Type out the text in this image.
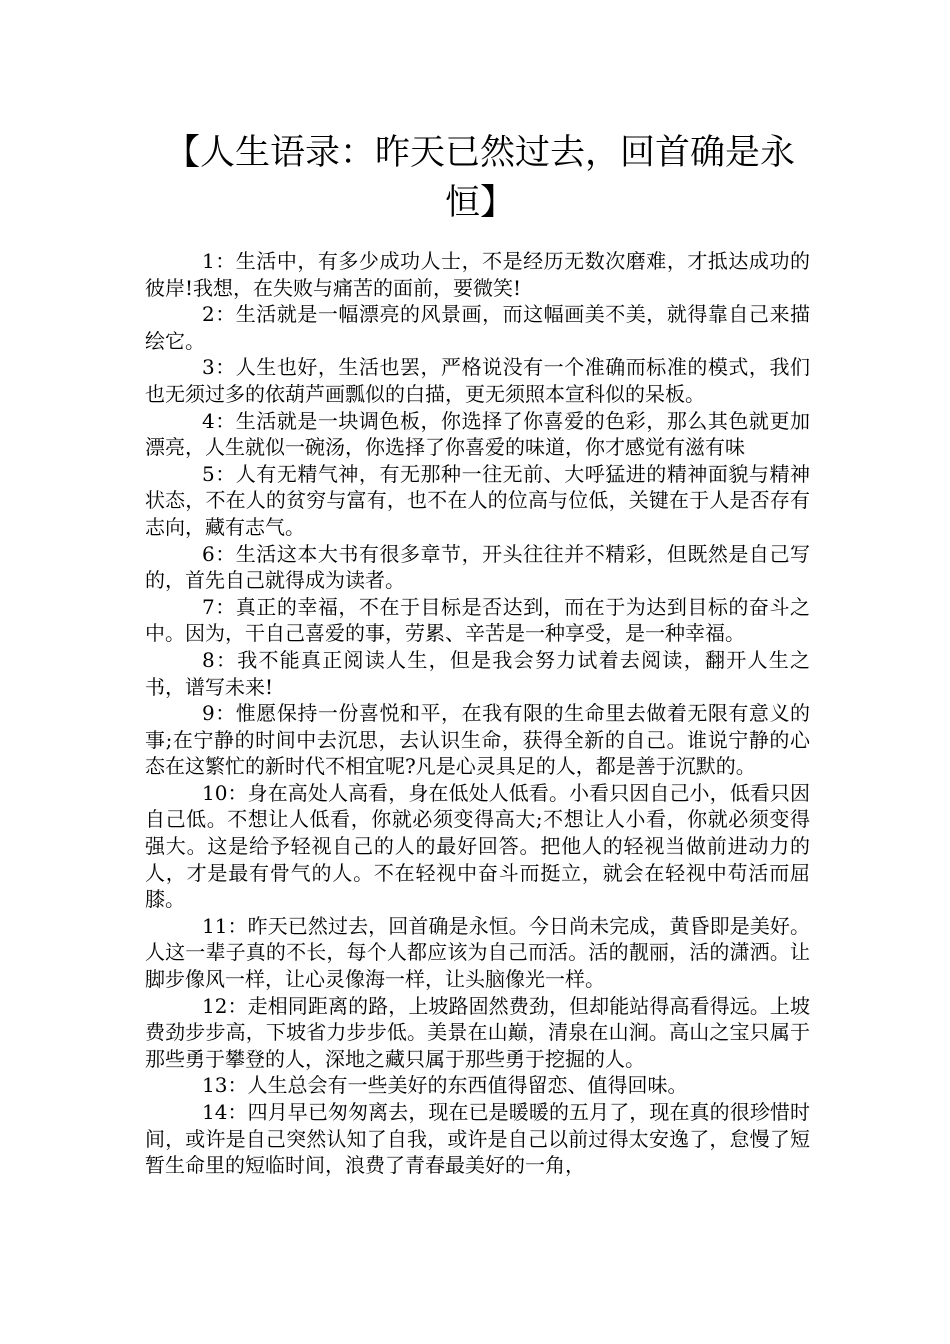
【人生语录：昨天已然过去，回首确是永恒】

1：生活中，有多少成功人士，不是经历无数次磨难，才抵达成功的彼岸!我想，在失败与痛苦的面前，要微笑!

2：生活就是一幅漂亮的风景画，而这幅画美不美，就得靠自己来描绘它。

3：人生也好，生活也罢，严格说没有一个准确而标准的模式，我们也无须过多的依葫芦画瓢似的白描，更无须照本宣科似的呆板。

4：生活就是一块调色板，你选择了你喜爱的色彩，那么其色就更加漂亮，人生就似一碗汤，你选择了你喜爱的味道，你才感觉有滋有味

5：人有无精气神，有无那种一往无前、大呼猛进的精神面貌与精神状态，不在人的贫穷与富有，也不在人的位高与位低，关键在于人是否存有志向，藏有志气。

6：生活这本大书有很多章节，开头往往并不精彩，但既然是自己写的，首先自己就得成为读者。

7：真正的幸福，不在于目标是否达到，而在于为达到目标的奋斗之中。因为，干自己喜爱的事，劳累、辛苦是一种享受，是一种幸福。

8：我不能真正阅读人生，但是我会努力试着去阅读，翻开人生之书，谱写未来!

9：惟愿保持一份喜悦和平，在我有限的生命里去做着无限有意义的事;在宁静的时间中去沉思，去认识生命，获得全新的自己。谁说宁静的心态在这繁忙的新时代不相宜呢?凡是心灵具足的人，都是善于沉默的。

10：身在高处人高看，身在低处人低看。小看只因自己小，低看只因自己低。不想让人低看，你就必须变得高大;不想让人小看，你就必须变得强大。这是给予轻视自己的人的最好回答。把他人的轻视当做前进动力的人，才是最有骨气的人。不在轻视中奋斗而挺立，就会在轻视中苟活而屈膝。

11：昨天已然过去，回首确是永恒。今日尚未完成，黄昏即是美好。人这一辈子真的不长，每个人都应该为自己而活。活的靓丽，活的潇洒。让脚步像风一样，让心灵像海一样，让头脑像光一样。

12：走相同距离的路，上坡路固然费劲，但却能站得高看得远。上坡费劲步步高，下坡省力步步低。美景在山巅，清泉在山涧。高山之宝只属于那些勇于攀登的人，深地之藏只属于那些勇于挖掘的人。

13：人生总会有一些美好的东西值得留恋、值得回味。

14：四月早已匆匆离去，现在已是暖暖的五月了，现在真的很珍惜时间，或许是自己突然认知了自我，或许是自己以前过得太安逸了，怠慢了短暂生命里的短临时间，浪费了青春最美好的一角，
